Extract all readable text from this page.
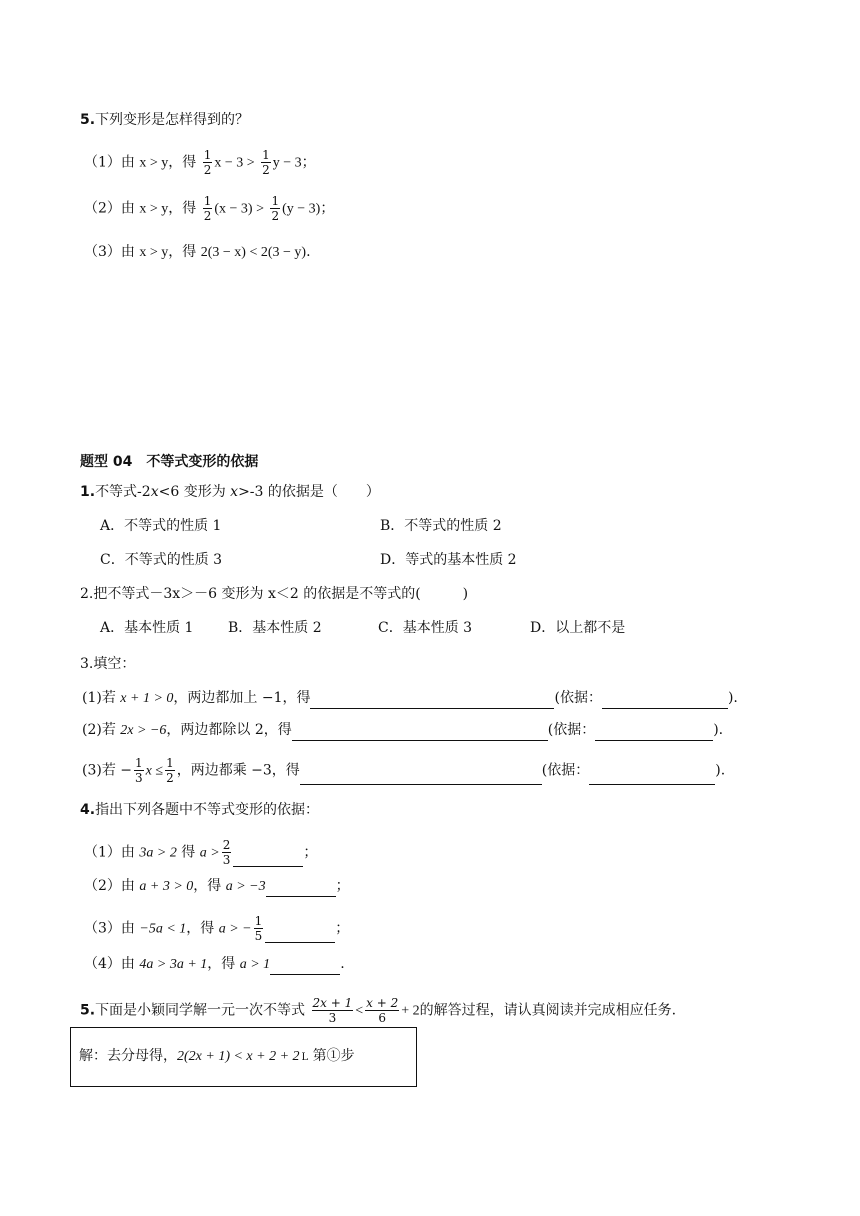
5.下列变形是怎样得到的？
（1）由 x > y，得 $\frac{1}{2}$ $x - 3 > \frac{1}{2}$ y − 3；
（2）由 x > y，得 $\frac{1}{2} (x - 3) > \frac{1}{2} (y - 3)$；
（3）由 x > y，得 2(3 − x) < 2(3 − y).
题型 04　不等式变形的依据
1.不等式-2x<6 变形为 x>-3 的依据是（　　）
A．不等式的性质 1	B．不等式的性质 2
C．不等式的性质 3	D．等式的基本性质 2
2.把不等式－3x＞－6 变形为 x＜2 的依据是不等式的(　　　)
A．基本性质 1 B．基本性质 2	C．基本性质 3	D．以上都不是
3.填空：
(1)若 x + 1 > 0，两边都加上 −1，得	(依据：	).
(2)若 2x > −6，两边都除以 2，得	(依据：	).
(3)若 − $\frac{1}{3}$ $x \le \frac{1}{2}$ ，两边都乘 −3，得	(依据：	).
4.指出下列各题中不等式变形的依据：
（1）由 3a > 2 得 $a > \frac{2}{3}$	；
（2）由 a + 3 > 0，得 a > −3	；
（3）由 −5a < 1，得 a > − $\frac{1}{5}$	；
（4）由 4a > 3a + 1，得 a > 1	.
5.下面是小颖同学解一元一次不等式 $\frac{2x + 1}{3} < \frac{x + 2}{6} + 2$的解答过程，请认真阅读并完成相应任务.
解：去分母得，2(2x + 1) < x + 2 + 2 L 第①步
